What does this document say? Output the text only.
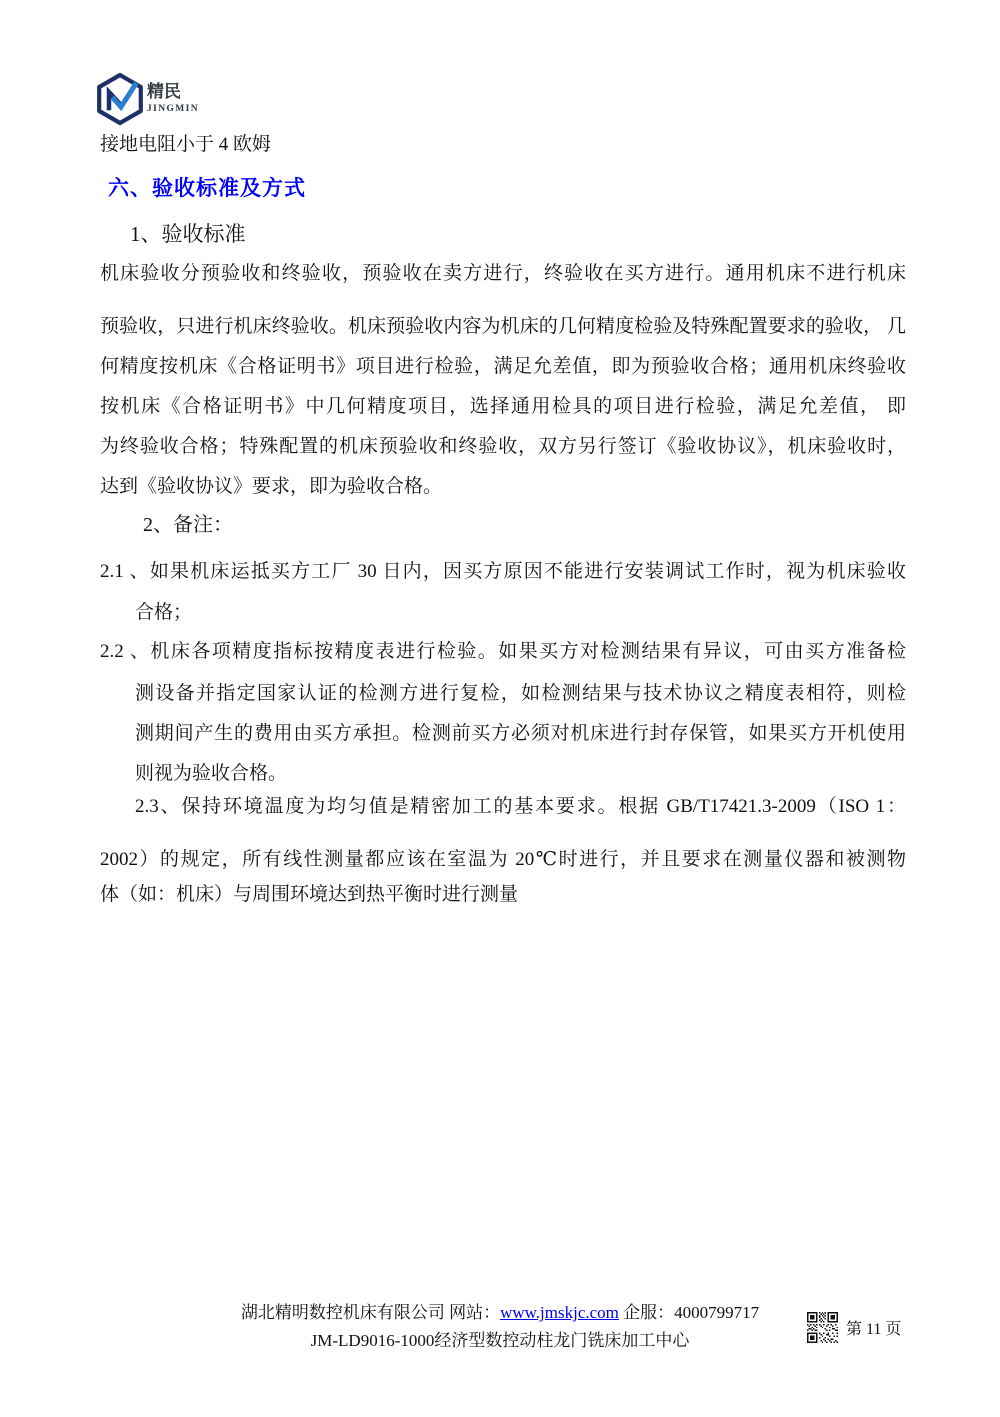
精民
JINGMIN
接地电阻小于 4 欧姆
六、验收标准及方式
1、验收标准
机床验收分预验收和终验收，预验收在卖方进行，终验收在买方进行。通用机床不进行机床
预验收，只进行机床终验收。机床预验收内容为机床的几何精度检验及特殊配置要求的验收， 几
何精度按机床《合格证明书》项目进行检验，满足允差值，即为预验收合格；通用机床终验收
按机床《合格证明书》中几何精度项目，选择通用检具的项目进行检验，满足允差值， 即
为终验收合格；特殊配置的机床预验收和终验收，双方另行签订《验收协议》，机床验收时，
达到《验收协议》要求，即为验收合格。
2、备注：
2.1 、如果机床运抵买方工厂 30 日内，因买方原因不能进行安装调试工作时，视为机床验收
合格；
2.2 、机床各项精度指标按精度表进行检验。如果买方对检测结果有异议，可由买方准备检
测设备并指定国家认证的检测方进行复检，如检测结果与技术协议之精度表相符，则检
测期间产生的费用由买方承担。检测前买方必须对机床进行封存保管，如果买方开机使用
则视为验收合格。
2.3、保持环境温度为均匀值是精密加工的基本要求。根据 GB/T17421.3-2009（ISO 1：
2002）的规定，所有线性测量都应该在室温为 20℃时进行，并且要求在测量仪器和被测物
体（如：机床）与周围环境达到热平衡时进行测量
湖北精明数控机床有限公司 网站：www.jmskjc.com 企服：4000799717
JM-LD9016-1000经济型数控动柱龙门铣床加工中心
第 11 页
